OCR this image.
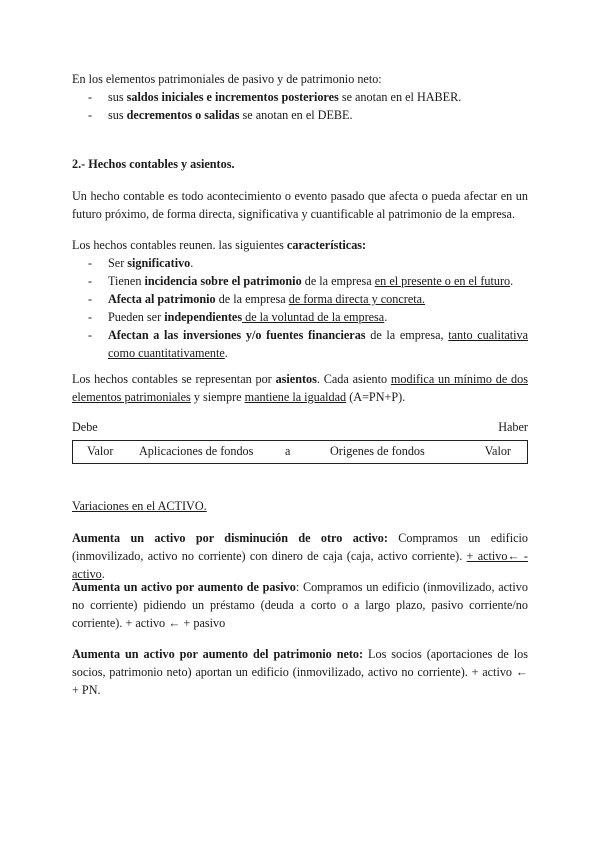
En los elementos patrimoniales de pasivo y de patrimonio neto:
- sus saldos iniciales e incrementos posteriores se anotan en el HABER.
- sus decrementos o salidas se anotan en el DEBE.
2.- Hechos contables y asientos.
Un hecho contable es todo acontecimiento o evento pasado que afecta o pueda afectar en un futuro próximo, de forma directa, significativa y cuantificable al patrimonio de la empresa.
Los hechos contables reunen. las siguientes características:
- Ser significativo.
- Tienen incidencia sobre el patrimonio de la empresa en el presente o en el futuro.
- Afecta al patrimonio de la empresa de forma directa y concreta.
- Pueden ser independientes de la voluntad de la empresa.
- Afectan a las inversiones y/o fuentes financieras de la empresa, tanto cualitativa como cuantitativamente.
Los hechos contables se representan por asientos. Cada asiento modifica un mínimo de dos elementos patrimoniales y siempre mantiene la igualdad (A=PN+P).
Debe	Haber
Valor Aplicaciones de fondos	a	Origenes de fondos	Valor
Variaciones en el ACTIVO.
Aumenta un activo por disminución de otro activo: Compramos un edificio (inmovilizado, activo no corriente) con dinero de caja (caja, activo corriente). + activo← - activo.
Aumenta un activo por aumento de pasivo: Compramos un edificio (inmovilizado, activo no corriente) pidiendo un préstamo (deuda a corto o a largo plazo, pasivo corriente/no corriente). + activo ← + pasivo
Aumenta un activo por aumento del patrimonio neto: Los socios (aportaciones de los socios, patrimonio neto) aportan un edificio (inmovilizado, activo no corriente). + activo ← + PN.
